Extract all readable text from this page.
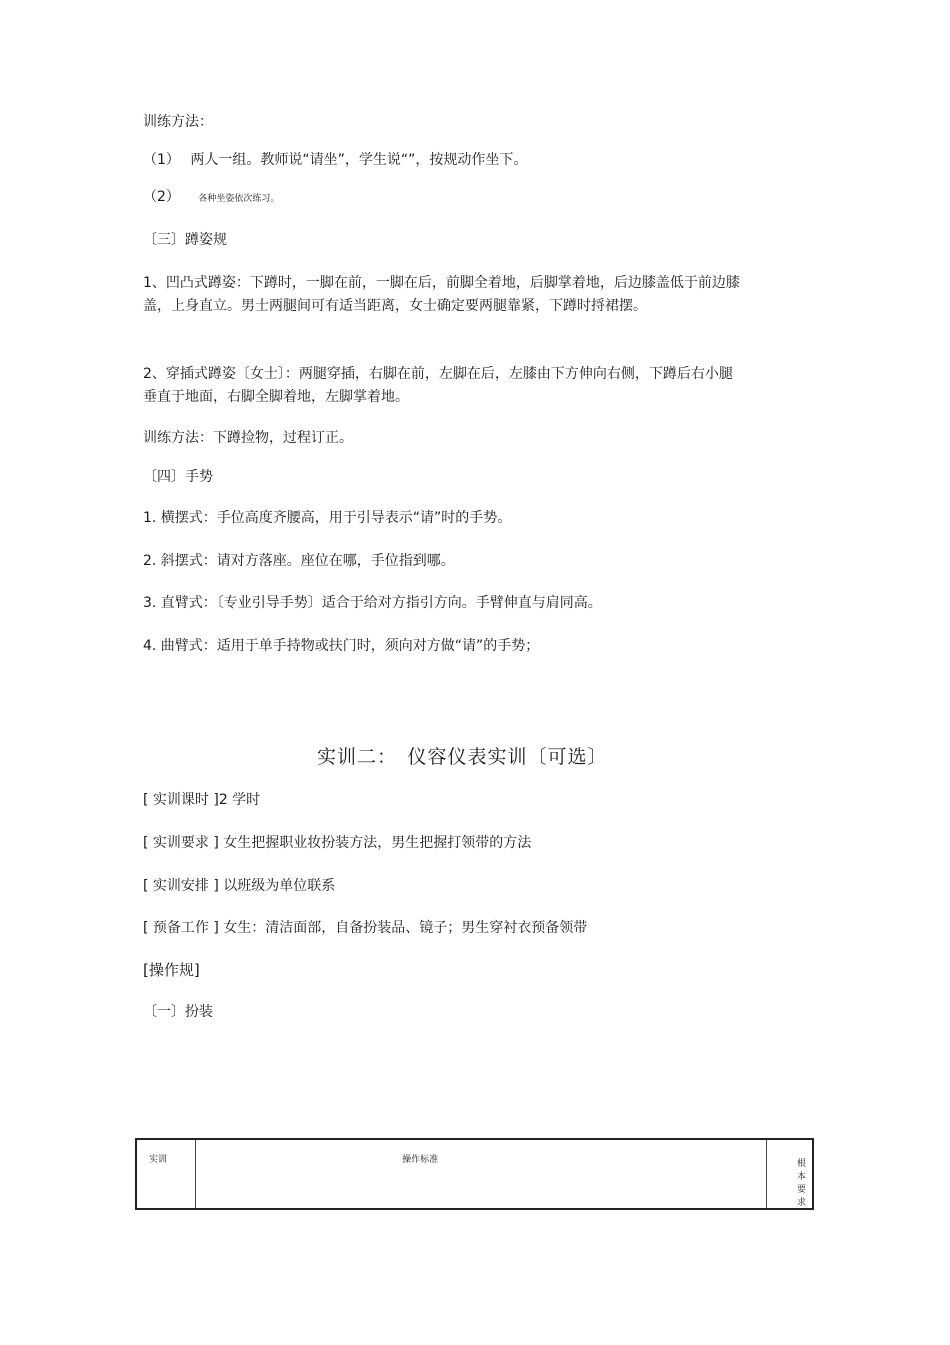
训练方法：
（1） 两人一组。教师说“请坐”，学生说“”，按规动作坐下。
（2） 各种坐姿依次练习。
〔三〕蹲姿规
1、凹凸式蹲姿：下蹲时，一脚在前，一脚在后，前脚全着地，后脚掌着地，后边膝盖低于前边膝盖，上身直立。男士两腿间可有适当距离，女士确定要两腿靠紧，下蹲时捋裙摆。
2、穿插式蹲姿〔女士〕：两腿穿插，右脚在前，左脚在后，左膝由下方伸向右侧，下蹲后右小腿垂直于地面，右脚全脚着地，左脚掌着地。
训练方法：下蹲捡物，过程订正。
〔四〕手势
1. 横摆式：手位高度齐腰高，用于引导表示“请”时的手势。
2. 斜摆式：请对方落座。座位在哪，手位指到哪。
3. 直臂式：〔专业引导手势〕适合于给对方指引方向。手臂伸直与肩同高。
4. 曲臂式：适用于单手持物或扶门时，须向对方做“请”的手势；
实训二：　仪容仪表实训〔可选〕
[ 实训课时 ]2 学时
[ 实训要求 ] 女生把握职业妆扮装方法，男生把握打领带的方法
[ 实训安排 ] 以班级为单位联系
[ 预备工作 ] 女生：清洁面部，自备扮装品、镜子；男生穿衬衣预备领带
[操作规]
〔一〕扮装
实训	操作标准	根本要求
